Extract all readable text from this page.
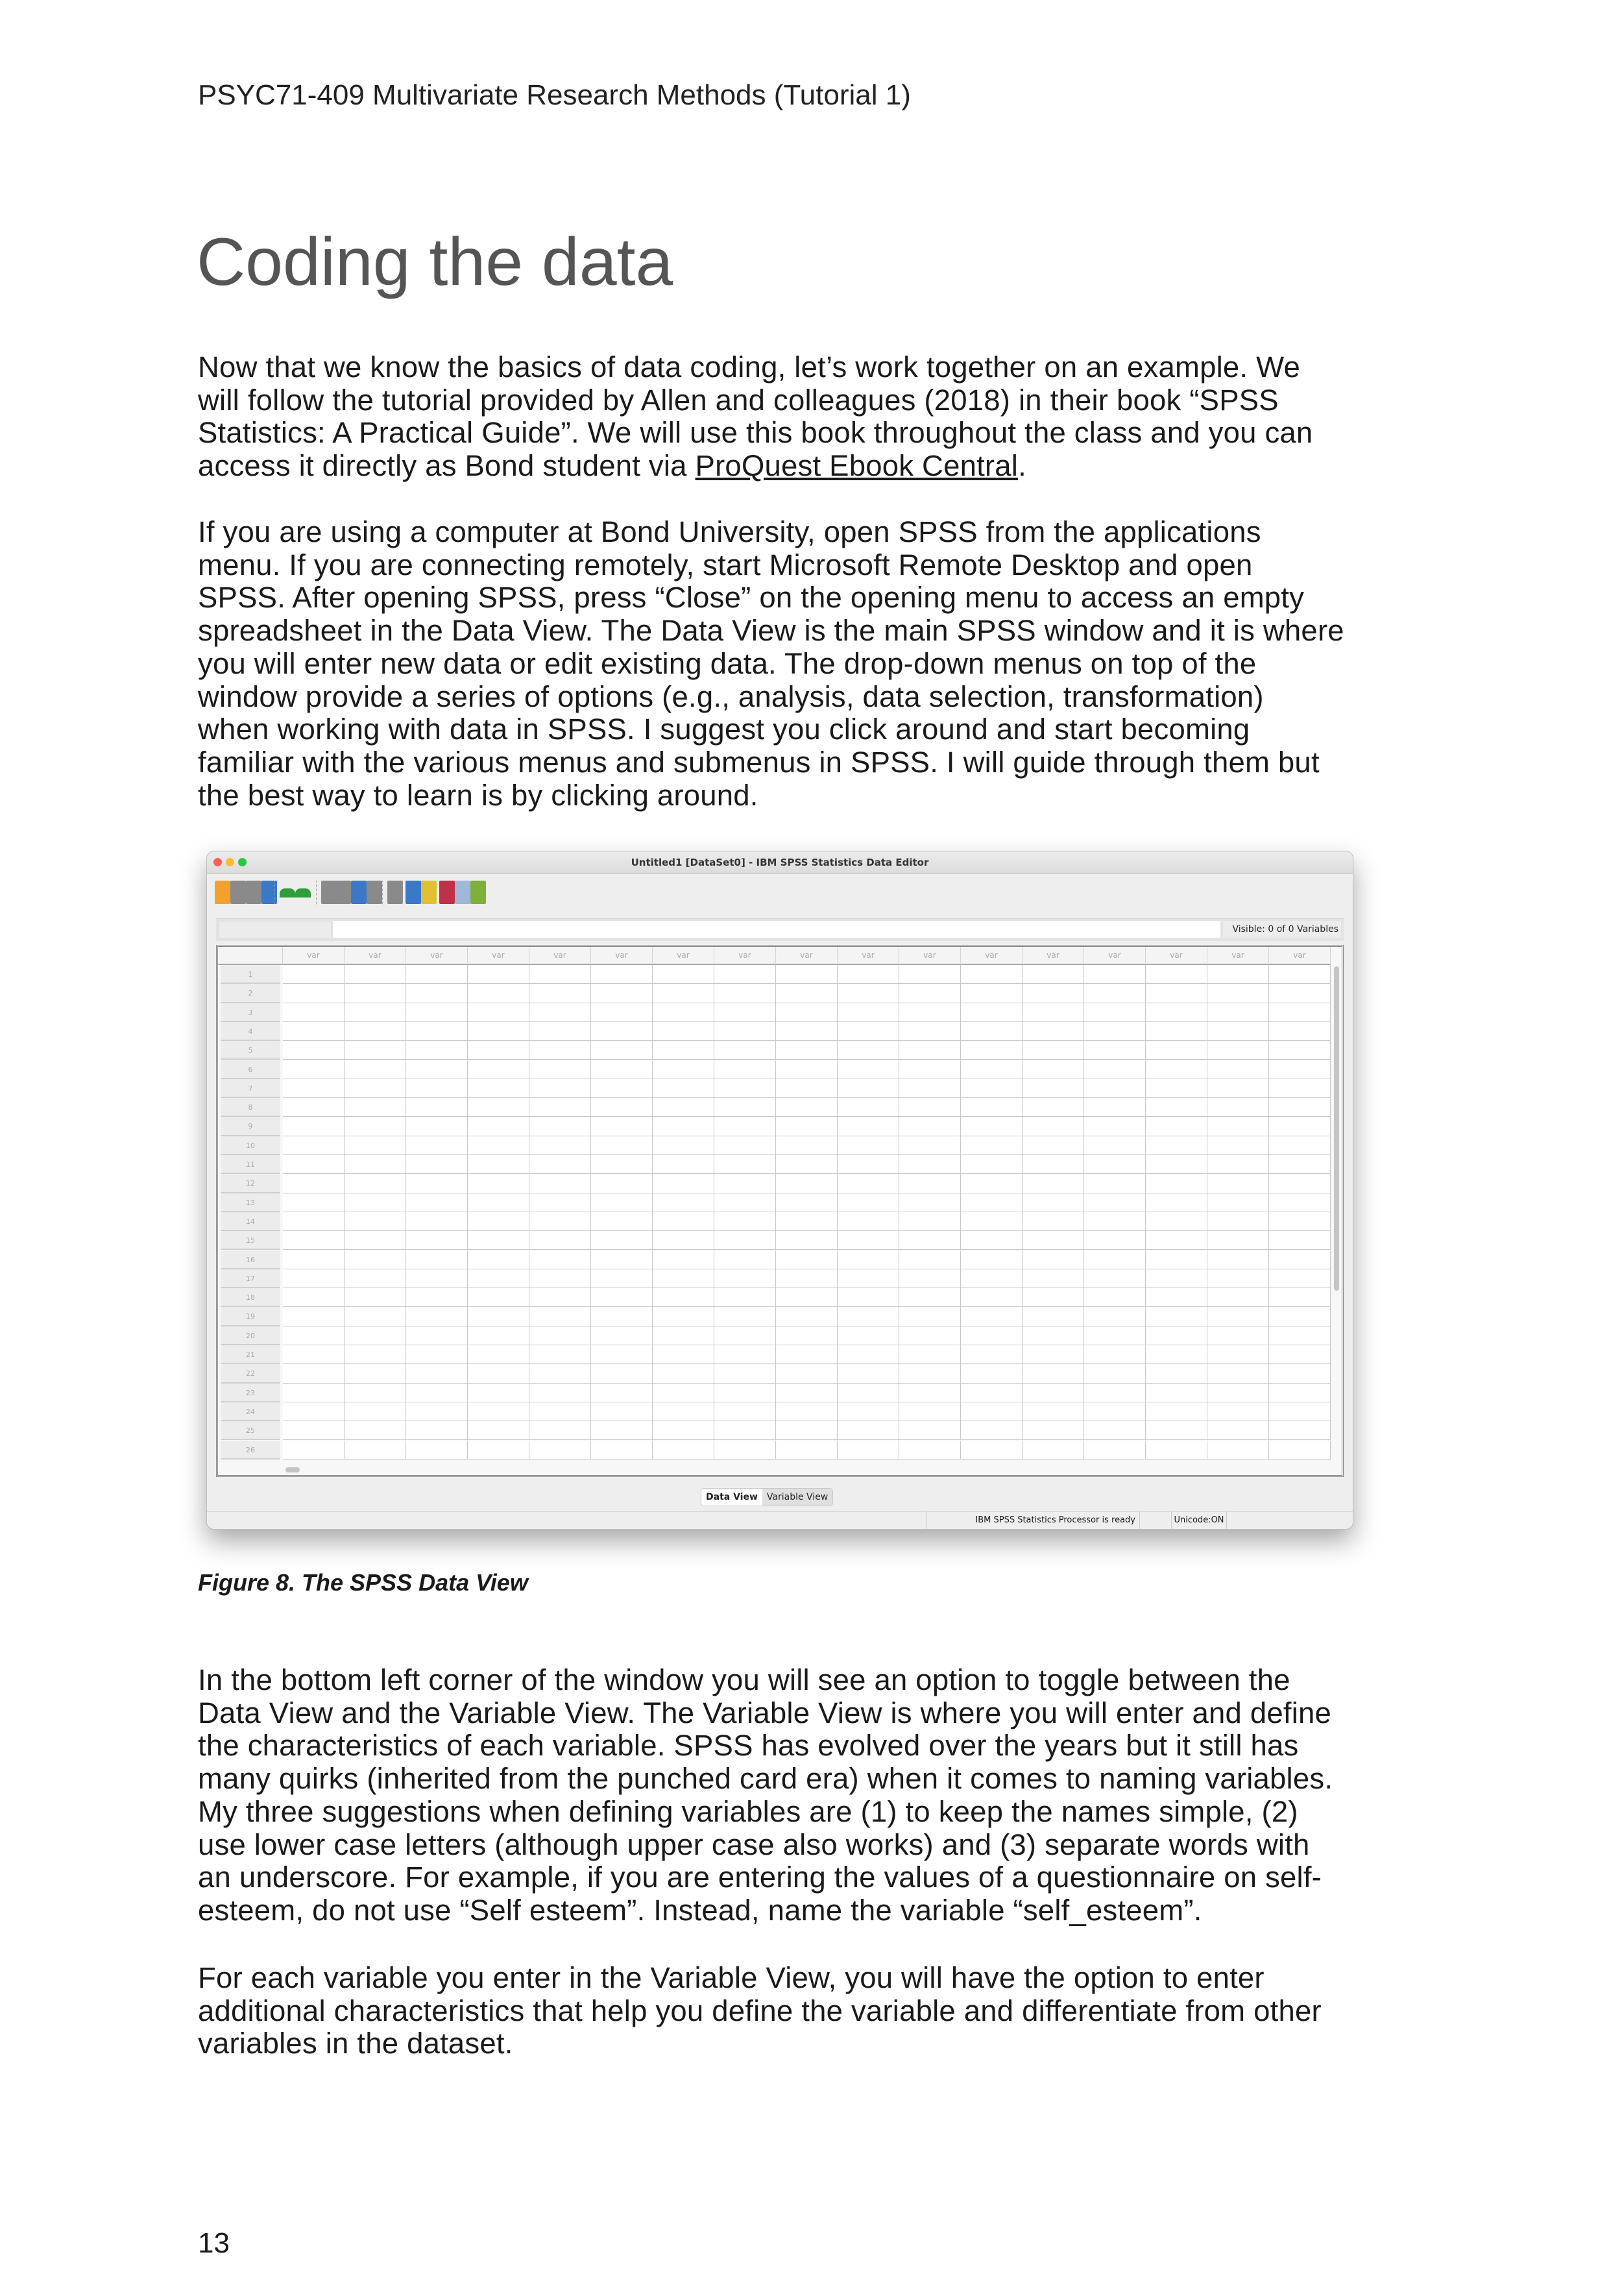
PSYC71-409 Multivariate Research Methods (Tutorial 1)
Coding the data
Now that we know the basics of data coding, let’s work together on an example. We
will follow the tutorial provided by Allen and colleagues (2018) in their book “SPSS
Statistics: A Practical Guide”. We will use this book throughout the class and you can
access it directly as Bond student via ProQuest Ebook Central.
If you are using a computer at Bond University, open SPSS from the applications
menu. If you are connecting remotely, start Microsoft Remote Desktop and open
SPSS. After opening SPSS, press “Close” on the opening menu to access an empty
spreadsheet in the Data View. The Data View is the main SPSS window and it is where
you will enter new data or edit existing data. The drop-down menus on top of the
window provide a series of options (e.g., analysis, data selection, transformation)
when working with data in SPSS. I suggest you click around and start becoming
familiar with the various menus and submenus in SPSS. I will guide through them but
the best way to learn is by clicking around.
Untitled1 [DataSet0] - IBM SPSS Statistics Data Editor
Visible: 0 of 0 Variables
var	var	var	var	var	var	var	var	var	var	var	var	var	var	var	var	var
1
2
3
4
5
6
7
8
9
10
11
12
13
14
15
16
17
18
19
20
21
22
23
24
25
26
Data View	Variable View
IBM SPSS Statistics Processor is ready	Unicode:ON
Figure 8. The SPSS Data View
In the bottom left corner of the window you will see an option to toggle between the
Data View and the Variable View. The Variable View is where you will enter and define
the characteristics of each variable. SPSS has evolved over the years but it still has
many quirks (inherited from the punched card era) when it comes to naming variables.
My three suggestions when defining variables are (1) to keep the names simple, (2)
use lower case letters (although upper case also works) and (3) separate words with
an underscore. For example, if you are entering the values of a questionnaire on self-
esteem, do not use “Self esteem”. Instead, name the variable “self_esteem”.
For each variable you enter in the Variable View, you will have the option to enter
additional characteristics that help you define the variable and differentiate from other
variables in the dataset.
13
